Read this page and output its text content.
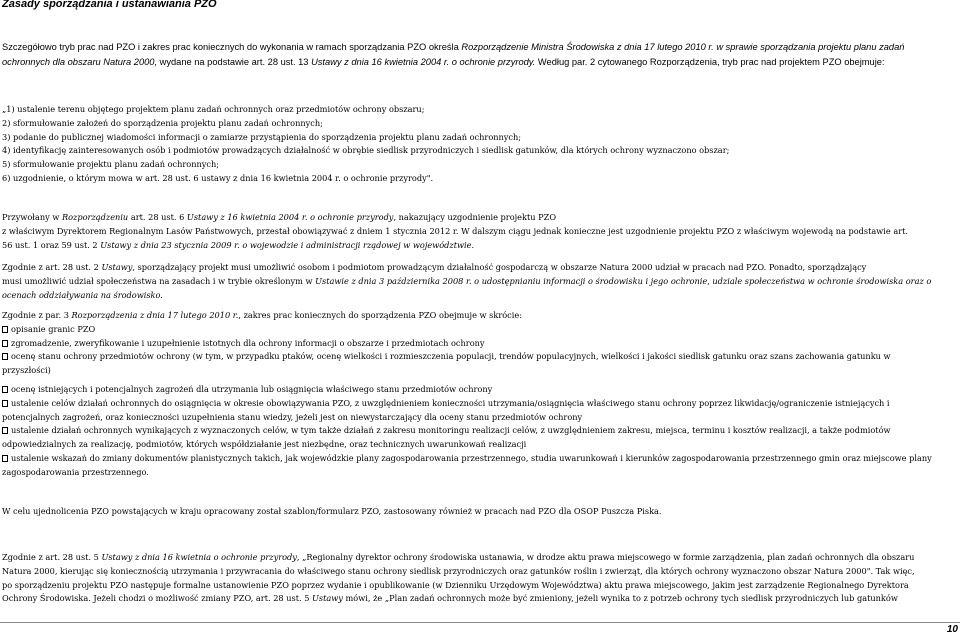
Zasady sporządzania i ustanawiania PZO
Szczegółowo tryb prac nad PZO i zakres prac koniecznych do wykonania w ramach sporządzania PZO określa Rozporządzenie Ministra Środowiska z dnia 17 lutego 2010 r. w sprawie sporządzania projektu planu zadań
ochronnych dla obszaru Natura 2000, wydane na podstawie art. 28 ust. 13 Ustawy z dnia 16 kwietnia 2004 r. o ochronie przyrody. Według par. 2 cytowanego Rozporządzenia, tryb prac nad projektem PZO obejmuje:
„1) ustalenie terenu objętego projektem planu zadań ochronnych oraz przedmiotów ochrony obszaru;
2) sformułowanie założeń do sporządzenia projektu planu zadań ochronnych;
3) podanie do publicznej wiadomości informacji o zamiarze przystąpienia do sporządzenia projektu planu zadań ochronnych;
4) identyfikację zainteresowanych osób i podmiotów prowadzących działalność w obrębie siedlisk przyrodniczych i siedlisk gatunków, dla których ochrony wyznaczono obszar;
5) sformułowanie projektu planu zadań ochronnych;
6) uzgodnienie, o którym mowa w art. 28 ust. 6 ustawy z dnia 16 kwietnia 2004 r. o ochronie przyrody".
Przywołany w Rozporządzeniu art. 28 ust. 6 Ustawy z 16 kwietnia 2004 r. o ochronie przyrody, nakazujący uzgodnienie projektu PZO
z właściwym Dyrektorem Regionalnym Lasów Państwowych, przestał obowiązywać z dniem 1 stycznia 2012 r. W dalszym ciągu jednak konieczne jest uzgodnienie projektu PZO z właściwym wojewodą na podstawie art.
56 ust. 1 oraz 59 ust. 2 Ustawy z dnia 23 stycznia 2009 r. o wojewodzie i administracji rządowej w województwie.
Zgodnie z art. 28 ust. 2 Ustawy, sporządzający projekt musi umożliwić osobom i podmiotom prowadzącym działalność gospodarczą w obszarze Natura 2000 udział w pracach nad PZO. Ponadto, sporządzający
musi umożliwić udział społeczeństwa na zasadach i w trybie określonym w Ustawie z dnia 3 października 2008 r. o udostępnianiu informacji o środowisku i jego ochronie, udziale społeczeństwa w ochronie środowiska oraz o
ocenach oddziaływania na środowisko.
Zgodnie z par. 3 Rozporządzenia z dnia 17 lutego 2010 r., zakres prac koniecznych do sporządzenia PZO obejmuje w skrócie:
opisanie granic PZO
zgromadzenie, zweryfikowanie i uzupełnienie istotnych dla ochrony informacji o obszarze i przedmiotach ochrony
ocenę stanu ochrony przedmiotów ochrony (w tym, w przypadku ptaków, ocenę wielkości i rozmieszczenia populacji, trendów populacyjnych, wielkości i jakości siedlisk gatunku oraz szans zachowania gatunku w
przyszłości)
ocenę istniejących i potencjalnych zagrożeń dla utrzymania lub osiągnięcia właściwego stanu przedmiotów ochrony
ustalenie celów działań ochronnych do osiągnięcia w okresie obowiązywania PZO, z uwzględnieniem konieczności utrzymania/osiągnięcia właściwego stanu ochrony poprzez likwidację/ograniczenie istniejących i
potencjalnych zagrożeń, oraz konieczności uzupełnienia stanu wiedzy, jeżeli jest on niewystarczający dla oceny stanu przedmiotów ochrony
ustalenie działań ochronnych wynikających z wyznaczonych celów, w tym także działań z zakresu monitoringu realizacji celów, z uwzględnieniem zakresu, miejsca, terminu i kosztów realizacji, a także podmiotów
odpowiedzialnych za realizację, podmiotów, których współdziałanie jest niezbędne, oraz technicznych uwarunkowań realizacji
ustalenie wskazań do zmiany dokumentów planistycznych takich, jak wojewódzkie plany zagospodarowania przestrzennego, studia uwarunkowań i kierunków zagospodarowania przestrzennego gmin oraz miejscowe plany
zagospodarowania przestrzennego.
W celu ujednolicenia PZO powstających w kraju opracowany został szablon/formularz PZO, zastosowany również w pracach nad PZO dla OSOP Puszcza Piska.
Zgodnie z art. 28 ust. 5 Ustawy z dnia 16 kwietnia o ochronie przyrody, „Regionalny dyrektor ochrony środowiska ustanawia, w drodze aktu prawa miejscowego w formie zarządzenia, plan zadań ochronnych dla obszaru
Natura 2000, kierując się koniecznością utrzymania i przywracania do właściwego stanu ochrony siedlisk przyrodniczych oraz gatunków roślin i zwierząt, dla których ochrony wyznaczono obszar Natura 2000". Tak więc,
po sporządzeniu projektu PZO następuje formalne ustanowienie PZO poprzez wydanie i opublikowanie (w Dzienniku Urzędowym Województwa) aktu prawa miejscowego, jakim jest zarządzenie Regionalnego Dyrektora
Ochrony Środowiska. Jeżeli chodzi o możliwość zmiany PZO, art. 28 ust. 5 Ustawy mówi, że „Plan zadań ochronnych może być zmieniony, jeżeli wynika to z potrzeb ochrony tych siedlisk przyrodniczych lub gatunków
10
